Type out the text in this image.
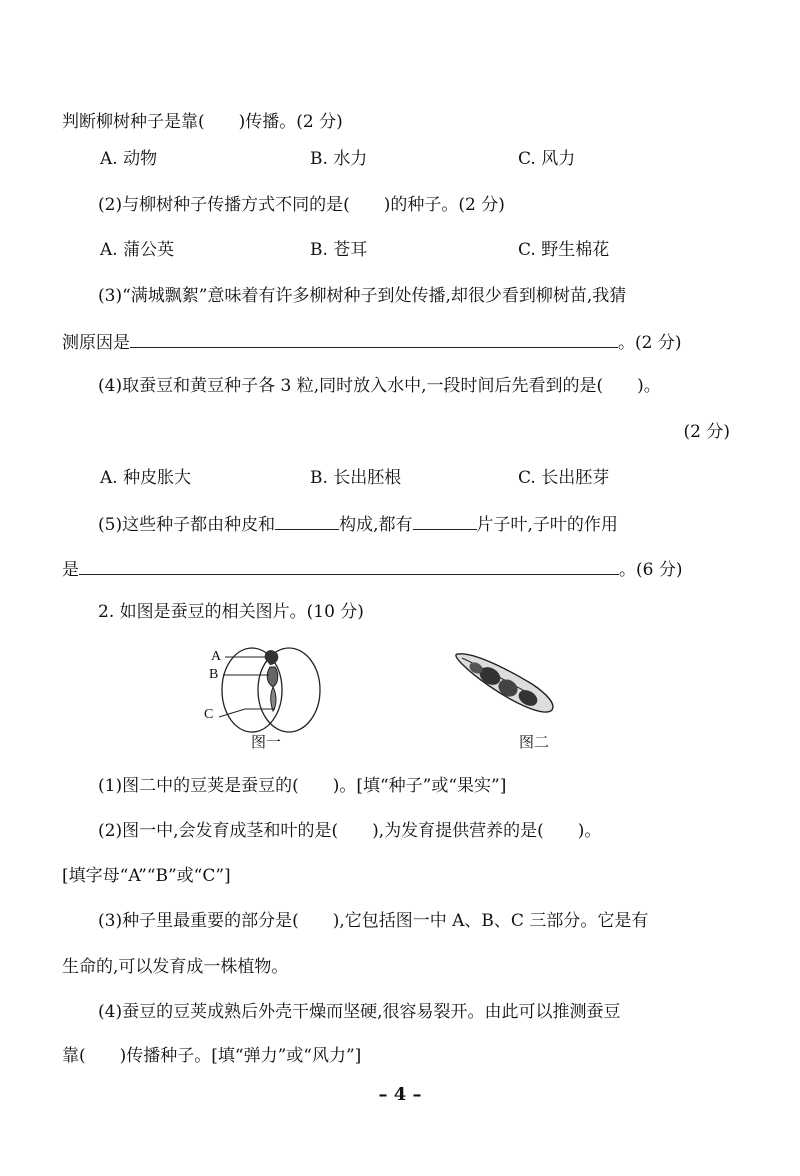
判断柳树种子是靠(　　)传播。(2 分)
A. 动物	B. 水力	C. 风力
(2)与柳树种子传播方式不同的是(　　)的种子。(2 分)
A. 蒲公英	B. 苍耳	C. 野生棉花
(3)“满城飘絮”意味着有许多柳树种子到处传播,却很少看到柳树苗,我猜
测原因是	。(2 分)
(4)取蚕豆和黄豆种子各 3 粒,同时放入水中,一段时间后先看到的是(　　)。
(2 分)
A. 种皮胀大	B. 长出胚根	C. 长出胚芽
(5)这些种子都由种皮和	构成,都有	片子叶,子叶的作用
是	。(6 分)
2. 如图是蚕豆的相关图片。(10 分)
A
B
C
图一	图二
(1)图二中的豆荚是蚕豆的(　　)。[填“种子”或“果实”]
(2)图一中,会发育成茎和叶的是(　　),为发育提供营养的是(　　)。
[填字母“A”“B”或“C”]
(3)种子里最重要的部分是(　　),它包括图一中 A、B、C 三部分。它是有
生命的,可以发育成一株植物。
(4)蚕豆的豆荚成熟后外壳干燥而坚硬,很容易裂开。由此可以推测蚕豆
靠(　　)传播种子。[填“弹力”或“风力”]
– 4 –
